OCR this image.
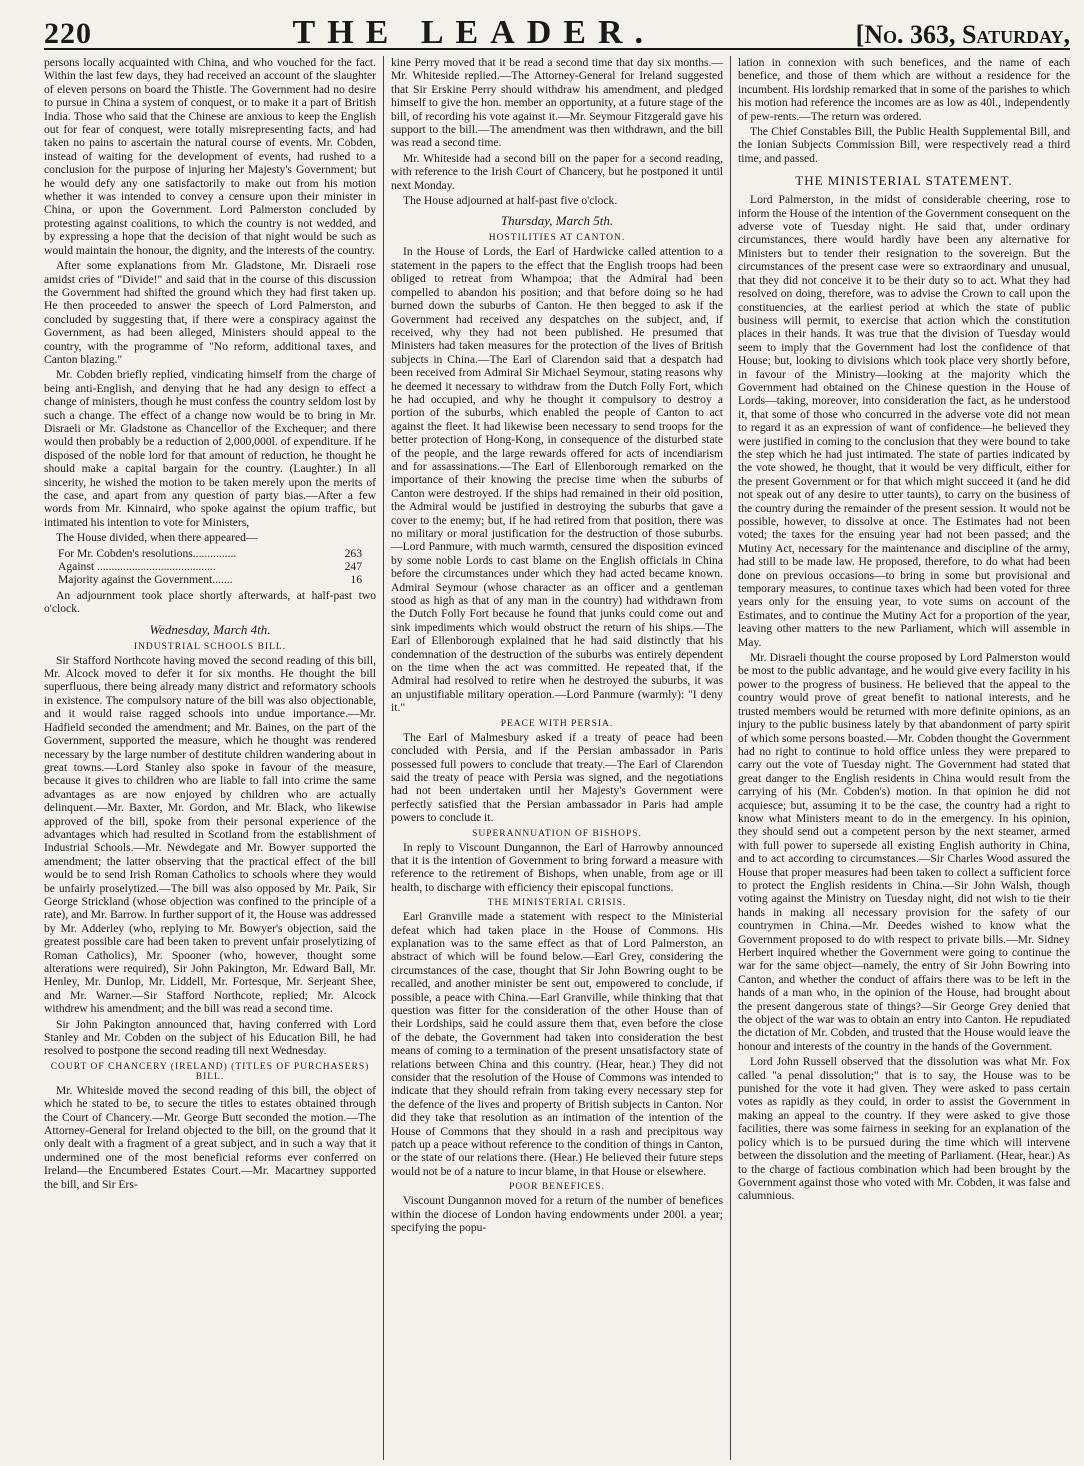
220	THE LEADER.	[No. 363, Saturday,

persons locally acquainted with China, and who vouched for the fact. Within the last few days, they had received an account of the slaughter of eleven persons on board the Thistle. The Government had no desire to pursue in China a system of conquest, or to make it a part of British India. Those who said that the Chinese are anxious to keep the English out for fear of conquest, were totally misrepresenting facts, and had taken no pains to ascertain the natural course of events. Mr. Cobden, instead of waiting for the development of events, had rushed to a conclusion for the purpose of injuring her Majesty's Government; but he would defy any one satisfactorily to make out from his motion whether it was intended to convey a censure upon their minister in China, or upon the Government. Lord Palmerston concluded by protesting against coalitions, to which the country is not wedded, and by expressing a hope that the decision of that night would be such as would maintain the honour, the dignity, and the interests of the country.

After some explanations from Mr. Gladstone, Mr. Disraeli rose amidst cries of "Divide!" and said that in the course of this discussion the Government had shifted the ground which they had first taken up. He then proceeded to answer the speech of Lord Palmerston, and concluded by suggesting that, if there were a conspiracy against the Government, as had been alleged, Ministers should appeal to the country, with the programme of "No reform, additional taxes, and Canton blazing."

Mr. Cobden briefly replied, vindicating himself from the charge of being anti-English, and denying that he had any design to effect a change of ministers, though he must confess the country seldom lost by such a change. The effect of a change now would be to bring in Mr. Disraeli or Mr. Gladstone as Chancellor of the Exchequer; and there would then probably be a reduction of 2,000,000l. of expenditure. If he disposed of the noble lord for that amount of reduction, he thought he should make a capital bargain for the country. (Laughter.) In all sincerity, he wished the motion to be taken merely upon the merits of the case, and apart from any question of party bias.—After a few words from Mr. Kinnaird, who spoke against the opium traffic, but intimated his intention to vote for Ministers,

The House divided, when there appeared—

For Mr. Cobden's resolutions...............	263
Against .........................................	247
Majority against the Government.......	16

An adjournment took place shortly afterwards, at half-past two o'clock.

Wednesday, March 4th.
INDUSTRIAL SCHOOLS BILL.

Sir Stafford Northcote having moved the second reading of this bill, Mr. Alcock moved to defer it for six months. He thought the bill superfluous, there being already many district and reformatory schools in existence. The compulsory nature of the bill was also objectionable, and it would raise ragged schools into undue importance.—Mr. Hadfield seconded the amendment; and Mr. Baines, on the part of the Government, supported the measure, which he thought was rendered necessary by the large number of destitute children wandering about in great towns.—Lord Stanley also spoke in favour of the measure, because it gives to children who are liable to fall into crime the same advantages as are now enjoyed by children who are actually delinquent.—Mr. Baxter, Mr. Gordon, and Mr. Black, who likewise approved of the bill, spoke from their personal experience of the advantages which had resulted in Scotland from the establishment of Industrial Schools.—Mr. Newdegate and Mr. Bowyer supported the amendment; the latter observing that the practical effect of the bill would be to send Irish Roman Catholics to schools where they would be unfairly proselytized.—The bill was also opposed by Mr. Paik, Sir George Strickland (whose objection was confined to the principle of a rate), and Mr. Barrow. In further support of it, the House was addressed by Mr. Adderley (who, replying to Mr. Bowyer's objection, said the greatest possible care had been taken to prevent unfair proselytizing of Roman Catholics), Mr. Spooner (who, however, thought some alterations were required), Sir John Pakington, Mr. Edward Ball, Mr. Henley, Mr. Dunlop, Mr. Liddell, Mr. Fortesque, Mr. Serjeant Shee, and Mr. Warner.—Sir Stafford Northcote, replied; Mr. Alcock withdrew his amendment; and the bill was read a second time.

Sir John Pakington announced that, having conferred with Lord Stanley and Mr. Cobden on the subject of his Education Bill, he had resolved to postpone the second reading till next Wednesday.

COURT OF CHANCERY (IRELAND) (TITLES OF PURCHASERS) BILL.

Mr. Whiteside moved the second reading of this bill, the object of which he stated to be, to secure the titles to estates obtained through the Court of Chancery.—Mr. George Butt seconded the motion.—The Attorney-General for Ireland objected to the bill, on the ground that it only dealt with a fragment of a great subject, and in such a way that it undermined one of the most beneficial reforms ever conferred on Ireland—the Encumbered Estates Court.—Mr. Macartney supported the bill, and Sir Ers-

kine Perry moved that it be read a second time that day six months.—Mr. Whiteside replied.—The Attorney-General for Ireland suggested that Sir Erskine Perry should withdraw his amendment, and pledged himself to give the hon. member an opportunity, at a future stage of the bill, of recording his vote against it.—Mr. Seymour Fitzgerald gave his support to the bill.—The amendment was then withdrawn, and the bill was read a second time.

Mr. Whiteside had a second bill on the paper for a second reading, with reference to the Irish Court of Chancery, but he postponed it until next Monday.

The House adjourned at half-past five o'clock.

Thursday, March 5th.
HOSTILITIES AT CANTON.

In the House of Lords, the Earl of Hardwicke called attention to a statement in the papers to the effect that the English troops had been obliged to retreat from Whampoa; that the Admiral had been compelled to abandon his position; and that before doing so he had burned down the suburbs of Canton. He then begged to ask if the Government had received any despatches on the subject, and, if received, why they had not been published. He presumed that Ministers had taken measures for the protection of the lives of British subjects in China.—The Earl of Clarendon said that a despatch had been received from Admiral Sir Michael Seymour, stating reasons why he deemed it necessary to withdraw from the Dutch Folly Fort, which he had occupied, and why he thought it compulsory to destroy a portion of the suburbs, which enabled the people of Canton to act against the fleet. It had likewise been necessary to send troops for the better protection of Hong-Kong, in consequence of the disturbed state of the people, and the large rewards offered for acts of incendiarism and for assassinations.—The Earl of Ellenborough remarked on the importance of their knowing the precise time when the suburbs of Canton were destroyed. If the ships had remained in their old position, the Admiral would be justified in destroying the suburbs that gave a cover to the enemy; but, if he had retired from that position, there was no military or moral justification for the destruction of those suburbs.—Lord Panmure, with much warmth, censured the disposition evinced by some noble Lords to cast blame on the English officials in China before the circumstances under which they had acted became known. Admiral Seymour (whose character as an officer and a gentleman stood as high as that of any man in the country) had withdrawn from the Dutch Folly Fort because he found that junks could come out and sink impediments which would obstruct the return of his ships.—The Earl of Ellenborough explained that he had said distinctly that his condemnation of the destruction of the suburbs was entirely dependent on the time when the act was committed. He repeated that, if the Admiral had resolved to retire when he destroyed the suburbs, it was an unjustifiable military operation.—Lord Panmure (warmly): "I deny it."

PEACE WITH PERSIA.

The Earl of Malmesbury asked if a treaty of peace had been concluded with Persia, and if the Persian ambassador in Paris possessed full powers to conclude that treaty.—The Earl of Clarendon said the treaty of peace with Persia was signed, and the negotiations had not been undertaken until her Majesty's Government were perfectly satisfied that the Persian ambassador in Paris had ample powers to conclude it.

SUPERANNUATION OF BISHOPS.

In reply to Viscount Dungannon, the Earl of Harrowby announced that it is the intention of Government to bring forward a measure with reference to the retirement of Bishops, when unable, from age or ill health, to discharge with efficiency their episcopal functions.

THE MINISTERIAL CRISIS.

Earl Granville made a statement with respect to the Ministerial defeat which had taken place in the House of Commons. His explanation was to the same effect as that of Lord Palmerston, an abstract of which will be found below.—Earl Grey, considering the circumstances of the case, thought that Sir John Bowring ought to be recalled, and another minister be sent out, empowered to conclude, if possible, a peace with China.—Earl Granville, while thinking that that question was fitter for the consideration of the other House than of their Lordships, said he could assure them that, even before the close of the debate, the Government had taken into consideration the best means of coming to a termination of the present unsatisfactory state of relations between China and this country. (Hear, hear.) They did not consider that the resolution of the House of Commons was intended to indicate that they should refrain from taking every necessary step for the defence of the lives and property of British subjects in Canton. Nor did they take that resolution as an intimation of the intention of the House of Commons that they should in a rash and precipitous way patch up a peace without reference to the condition of things in Canton, or the state of our relations there. (Hear.) He believed their future steps would not be of a nature to incur blame, in that House or elsewhere.

POOR BENEFICES.

Viscount Dungannon moved for a return of the number of benefices within the diocese of London having endowments under 200l. a year; specifying the popu-

lation in connexion with such benefices, and the name of each benefice, and those of them which are without a residence for the incumbent. His lordship remarked that in some of the parishes to which his motion had reference the incomes are as low as 40l., independently of pew-rents.—The return was ordered.

The Chief Constables Bill, the Public Health Supplemental Bill, and the Ionian Subjects Commission Bill, were respectively read a third time, and passed.

THE MINISTERIAL STATEMENT.

Lord Palmerston, in the midst of considerable cheering, rose to inform the House of the intention of the Government consequent on the adverse vote of Tuesday night. He said that, under ordinary circumstances, there would hardly have been any alternative for Ministers but to tender their resignation to the sovereign. But the circumstances of the present case were so extraordinary and unusual, that they did not conceive it to be their duty so to act. What they had resolved on doing, therefore, was to advise the Crown to call upon the constituencies, at the earliest period at which the state of public business will permit, to exercise that action which the constitution places in their hands. It was true that the division of Tuesday would seem to imply that the Government had lost the confidence of that House; but, looking to divisions which took place very shortly before, in favour of the Ministry—looking at the majority which the Government had obtained on the Chinese question in the House of Lords—taking, moreover, into consideration the fact, as he understood it, that some of those who concurred in the adverse vote did not mean to regard it as an expression of want of confidence—he believed they were justified in coming to the conclusion that they were bound to take the step which he had just intimated. The state of parties indicated by the vote showed, he thought, that it would be very difficult, either for the present Government or for that which might succeed it (and he did not speak out of any desire to utter taunts), to carry on the business of the country during the remainder of the present session. It would not be possible, however, to dissolve at once. The Estimates had not been voted; the taxes for the ensuing year had not been passed; and the Mutiny Act, necessary for the maintenance and discipline of the army, had still to be made law. He proposed, therefore, to do what had been done on previous occasions—to bring in some but provisional and temporary measures, to continue taxes which had been voted for three years only for the ensuing year, to vote sums on account of the Estimates, and to continue the Mutiny Act for a proportion of the year, leaving other matters to the new Parliament, which will assemble in May.

Mr. Disraeli thought the course proposed by Lord Palmerston would be most to the public advantage, and he would give every facility in his power to the progress of business. He believed that the appeal to the country would prove of great benefit to national interests, and he trusted members would be returned with more definite opinions, as an injury to the public business lately by that abandonment of party spirit of which some persons boasted.—Mr. Cobden thought the Government had no right to continue to hold office unless they were prepared to carry out the vote of Tuesday night. The Government had stated that great danger to the English residents in China would result from the carrying of his (Mr. Cobden's) motion. In that opinion he did not acquiesce; but, assuming it to be the case, the country had a right to know what Ministers meant to do in the emergency. In his opinion, they should send out a competent person by the next steamer, armed with full power to supersede all existing English authority in China, and to act according to circumstances.—Sir Charles Wood assured the House that proper measures had been taken to collect a sufficient force to protect the English residents in China.—Sir John Walsh, though voting against the Ministry on Tuesday night, did not wish to tie their hands in making all necessary provision for the safety of our countrymen in China.—Mr. Deedes wished to know what the Government proposed to do with respect to private bills.—Mr. Sidney Herbert inquired whether the Government were going to continue the war for the same object—namely, the entry of Sir John Bowring into Canton, and whether the conduct of affairs there was to be left in the hands of a man who, in the opinion of the House, had brought about the present dangerous state of things?—Sir George Grey denied that the object of the war was to obtain an entry into Canton. He repudiated the dictation of Mr. Cobden, and trusted that the House would leave the honour and interests of the country in the hands of the Government.

Lord John Russell observed that the dissolution was what Mr. Fox called "a penal dissolution;" that is to say, the House was to be punished for the vote it had given. They were asked to pass certain votes as rapidly as they could, in order to assist the Government in making an appeal to the country. If they were asked to give those facilities, there was some fairness in seeking for an explanation of the policy which is to be pursued during the time which will intervene between the dissolution and the meeting of Parliament. (Hear, hear.) As to the charge of factious combination which had been brought by the Government against those who voted with Mr. Cobden, it was false and calumnious.
